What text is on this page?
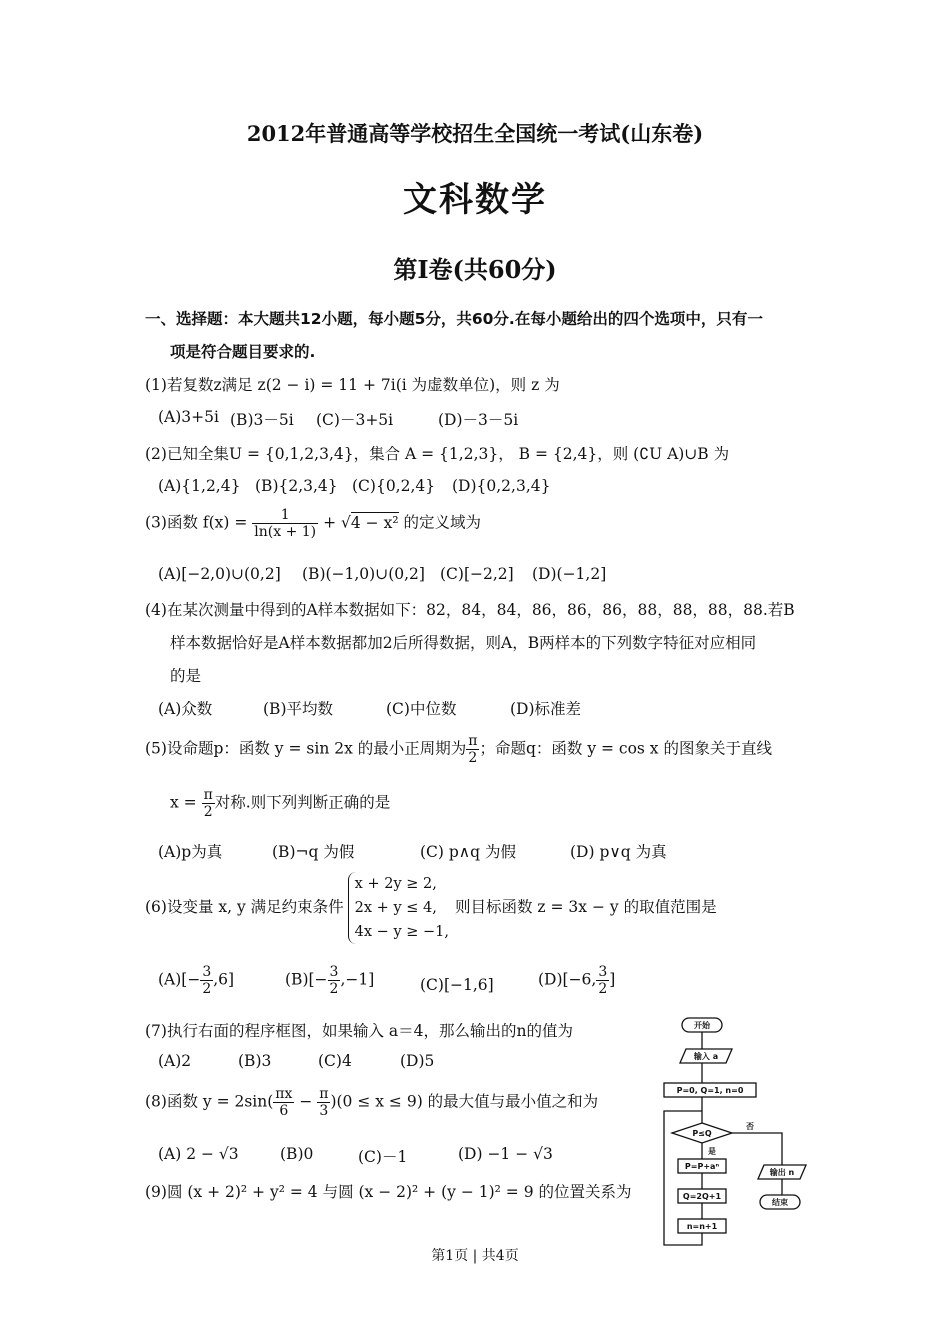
2012年普通高等学校招生全国统一考试(山东卷)
文科数学
第I卷(共60分)
一、选择题：本大题共12小题，每小题5分，共60分.在每小题给出的四个选项中，只有一
项是符合题目要求的.
(1)若复数z满足 z(2 − i) = 11 + 7i(i 为虚数单位)，则 z 为
(A)3+5i (B)3－5i (C)－3+5i	(D)－3－5i
(2)已知全集U = {0,1,2,3,4}，集合 A = {1,2,3}， B = {2,4}，则 (∁U A)∪B 为
(A){1,2,4} (B){2,3,4} (C){0,2,4} (D){0,2,3,4}
(3)函数 $f(x) = \frac{1}{\ln(x + 1)} + √4 - x^2$ 的定义域为
(A)[−2,0)∪(0,2] (B)(−1,0)∪(0,2] (C)[−2,2] (D)(−1,2]
(4)在某次测量中得到的A样本数据如下：82，84，84，86，86，86，88，88，88，88.若B
样本数据恰好是A样本数据都加2后所得数据，则A，B两样本的下列数字特征对应相同
的是
(A)众数	(B)平均数	(C)中位数	(D)标准差
(5)设命题p：函数 y = sin 2x 的最小正周期为 $\frac{\pi}{2}$ ；命题q：函数 y = cos x 的图象关于直线
$x = \frac{\pi}{2}$ 对称.则下列判断正确的是
(A)p为真	(B)¬q 为假	(C) p∧q 为假	(D) p∨q 为真
(6)设变量 x, y 满足约束条件
x + 2y ≥ 2,
2x + y ≤ 4,
4x − y ≥ −1,
则目标函数 z = 3x − y 的取值范围是
$(A)[- \frac{3}{2} ,6]$	$(B)[- \frac{3}{2} ,-1]$	(C)[−1,6]	(D)[−6, $\frac{3}{2}$ ]
(7)执行右面的程序框图，如果输入 a＝4，那么输出的n的值为
(A)2	(B)3	(C)4	(D)5
(8)函数 $y = 2\sin( \frac{\pi x}{6} - \frac{\pi}{3} )(0 \le x \le 9)$ 的最大值与最小值之和为
(A) 2 − √3	(B)0	(C)－1	(D) −1 − √3
(9)圆 (x + 2)² + y² = 4 与圆 (x − 2)² + (y − 1)² = 9 的位置关系为
开始
输入 a
P=0, Q=1, n=0
P≤Q
是
否
P=P+aⁿ
Q=2Q+1
n=n+1
输出 n
结束
第1页 | 共4页
